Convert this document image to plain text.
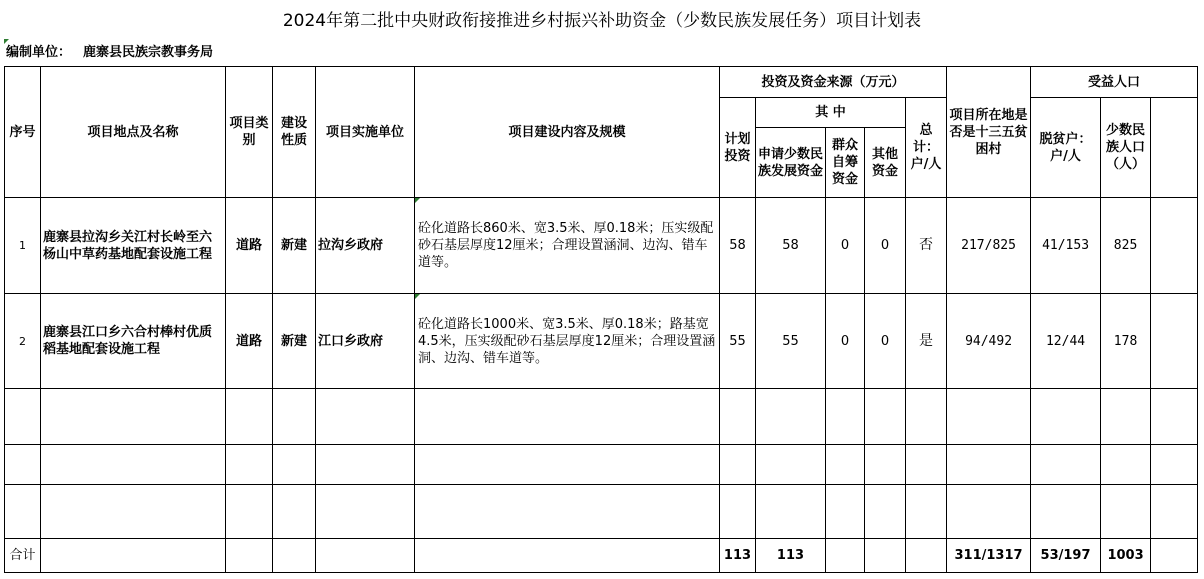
2024年第二批中央财政衔接推进乡村振兴补助资金（少数民族发展任务）项目计划表
编制单位： 鹿寨县民族宗教事务局
序号	项目地点及名称	项目类别	建设性质	项目实施单位	项目建设内容及规模	投资及资金来源（万元）					项目所在地是否是十三五贫困村	受益人口	
						计划投资	其 中			总计：户/人		脱贫户：户/人	少数民族人口（人）		
							申请少数民族发展资金	群众自筹资金	其他资金						
1	鹿寨县拉沟乡关江村长岭至六杨山中草药基地配套设施工程	道路	新建	拉沟乡政府	砼化道路长860米、宽3.5米、厚0.18米；压实级配砂石基层厚度12厘米；合理设置涵洞、边沟、错车道等。	58	58	0	0	否	217/825	41/153	825		
2	鹿寨县江口乡六合村棒村优质稻基地配套设施工程	道路	新建	江口乡政府	砼化道路长1000米、宽3.5米、厚0.18米；路基宽4.5米，压实级配砂石基层厚度12厘米；合理设置涵洞、边沟、错车道等。	55	55	0	0	是	94/492	12/44	178		

合计						113	113				311/1317	53/197	1003		
